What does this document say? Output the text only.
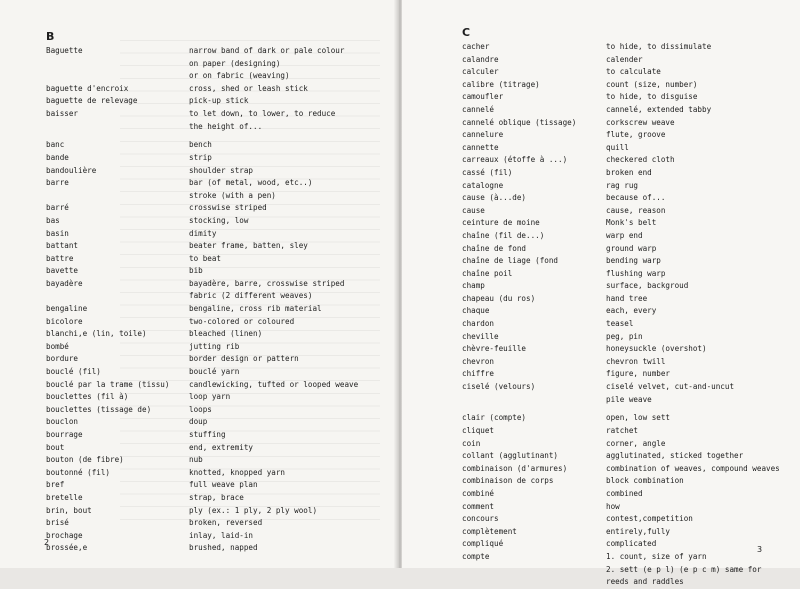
B
Baguette	narrow band of dark or pale colour
on paper (designing)
or on fabric (weaving)
baguette d'encroix	cross, shed or leash stick
baguette de relevage	pick-up stick
baisser	to let down, to lower, to reduce
the height of...
banc	bench
bande	strip
bandoulière	shoulder strap
barre	bar (of metal, wood, etc..)
stroke (with a pen)
barré	crosswise striped
bas	stocking, low
basin	dimity
battant	beater frame, batten, sley
battre	to beat
bavette	bib
bayadère	bayadère, barre, crosswise striped
fabric (2 different weaves)
bengaline	bengaline, cross rib material
bicolore	two-colored or coloured
blanchi,e (lin, toile)	bleached (linen)
bombé	jutting rib
bordure	border design or pattern
bouclé (fil)	bouclé yarn
bouclé par la trame (tissu)	candlewicking, tufted or looped weave
bouclettes (fil à)	loop yarn
bouclettes (tissage de)	loops
bouclon	doup
bourrage	stuffing
bout	end, extremity
bouton (de fibre)	nub
boutonné (fil)	knotted, knopped yarn
bref	full weave plan
bretelle	strap, brace
brin, bout	ply (ex.: 1 ply, 2 ply wool)
brisé	broken, reversed
brochage	inlay, laid-in
brossée,e	brushed, napped
2
C
cacher	to hide, to dissimulate
calandre	calender
calculer	to calculate
calibre (titrage)	count (size, number)
camoufler	to hide, to disguise
cannelé	cannelé, extended tabby
cannelé oblique (tissage)	corkscrew weave
cannelure	flute, groove
cannette	quill
carreaux (étoffe à ...)	checkered cloth
cassé (fil)	broken end
catalogne	rag rug
cause (à...de)	because of...
cause	cause, reason
ceinture de moine	Monk's belt
chaîne (fil de...)	warp end
chaîne de fond	ground warp
chaîne de liage (fond	bending warp
chaîne poil	flushing warp
champ	surface, backgroud
chapeau (du ros)	hand tree
chaque	each, every
chardon	teasel
cheville	peg, pin
chèvre-feuille	honeysuckle (overshot)
chevron	chevron twill
chiffre	figure, number
ciselé (velours)	ciselé velvet, cut-and-uncut
pile weave
clair (compte)	open, low sett
cliquet	ratchet
coin	corner, angle
collant (agglutinant)	agglutinated, sticked together
combinaison (d'armures)	combination of weaves, compound weaves
combinaison de corps	block combination
combiné	combined
comment	how
concours	contest,competition
complètement	entirely,fully
compliqué	complicated
compte	1. count, size of yarn
2. sett (e p l) (e p c m) same for
reeds and raddles
3
